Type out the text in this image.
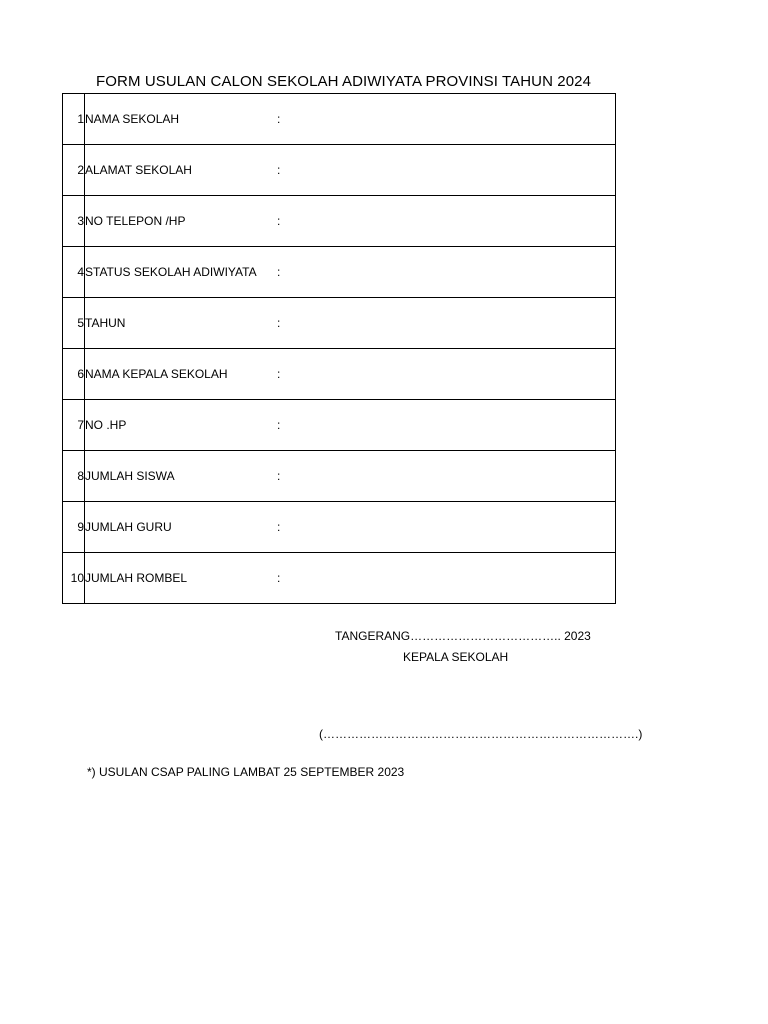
FORM USULAN CALON SEKOLAH ADIWIYATA PROVINSI TAHUN 2024
1	NAMA SEKOLAH :
2	ALAMAT SEKOLAH :
3	NO TELEPON /HP :
4	STATUS SEKOLAH ADIWIYATA :
5	TAHUN :
6	NAMA KEPALA SEKOLAH :
7	NO .HP :
8	JUMLAH SISWA :
9	JUMLAH GURU :
10	JUMLAH ROMBEL :
TANGERANG……………………………….. 2023
KEPALA SEKOLAH
(…………………………………………………………………….)
*) USULAN CSAP PALING LAMBAT 25 SEPTEMBER 2023
